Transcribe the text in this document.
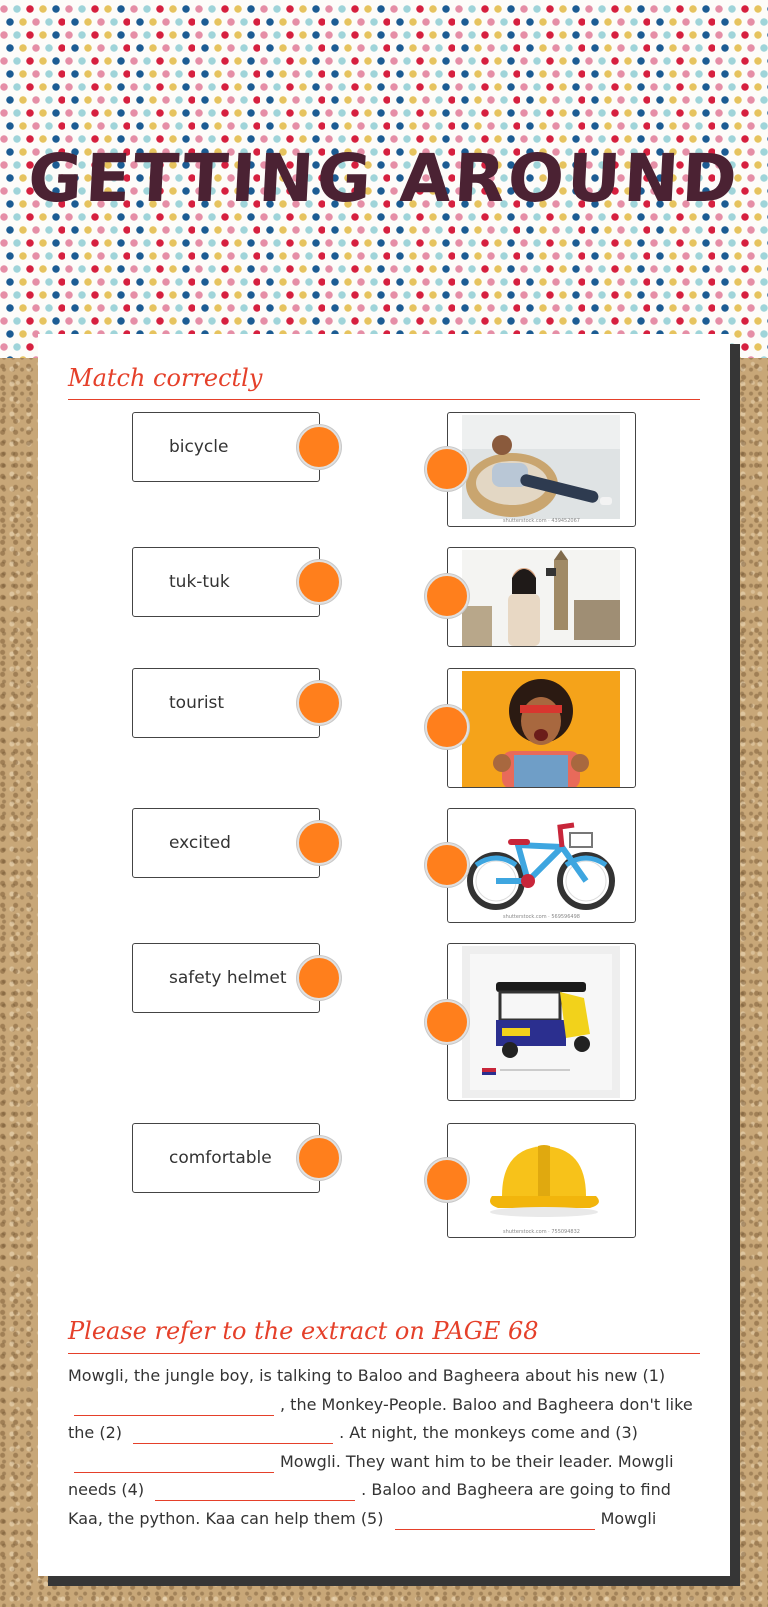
GETTING AROUND
Match correctly
bicycle
tuk-tuk
tourist
excited
safety helmet
comfortable
shutterstock.com · 439452067
shutterstock.com · 569596498
shutterstock.com · 755094832
Please refer to the extract on PAGE 68
Mowgli, the jungle boy, is talking to Baloo and Bagheera about his new (1) , the Monkey-People. Baloo and Bagheera don't like the (2)	. At night, the monkeys come and (3) Mowgli. They want him to be their leader. Mowgli needs (4)	. Baloo and Bagheera are going to find Kaa, the python. Kaa can help them (5)	Mowgli
